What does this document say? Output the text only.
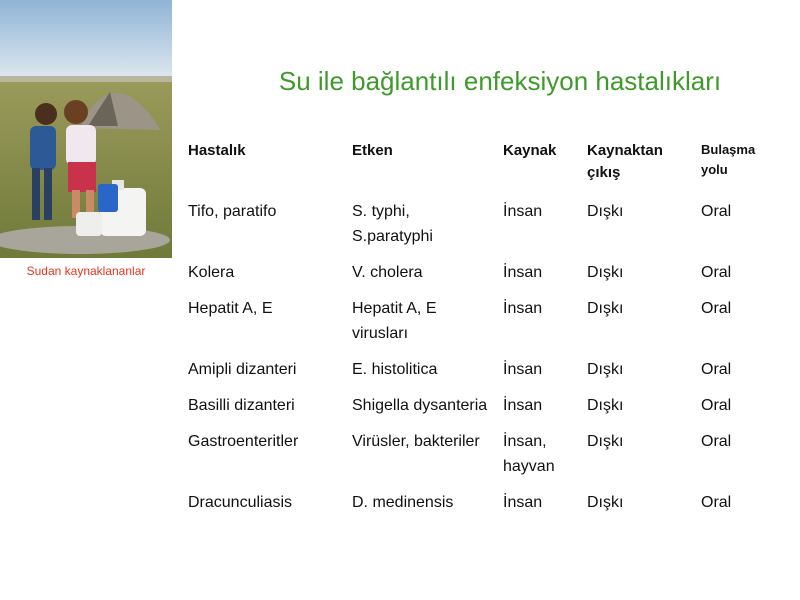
Sudan kaynaklananlar
Su ile bağlantılı enfeksiyon hastalıkları
Hastalık	Etken	Kaynak	Kaynaktan çıkış	Bulaşma yolu
Tifo, paratifo	S. typhi, S.paratyphi	İnsan	Dışkı	Oral
Kolera	V. cholera	İnsan	Dışkı	Oral
Hepatit A, E	Hepatit A, E virusları	İnsan	Dışkı	Oral
Amipli dizanteri	E. histolitica	İnsan	Dışkı	Oral
Basilli dizanteri	Shigella dysanteria	İnsan	Dışkı	Oral
Gastroenteritler	Virüsler, bakteriler	İnsan, hayvan	Dışkı	Oral
Dracunculiasis	D. medinensis	İnsan	Dışkı	Oral
